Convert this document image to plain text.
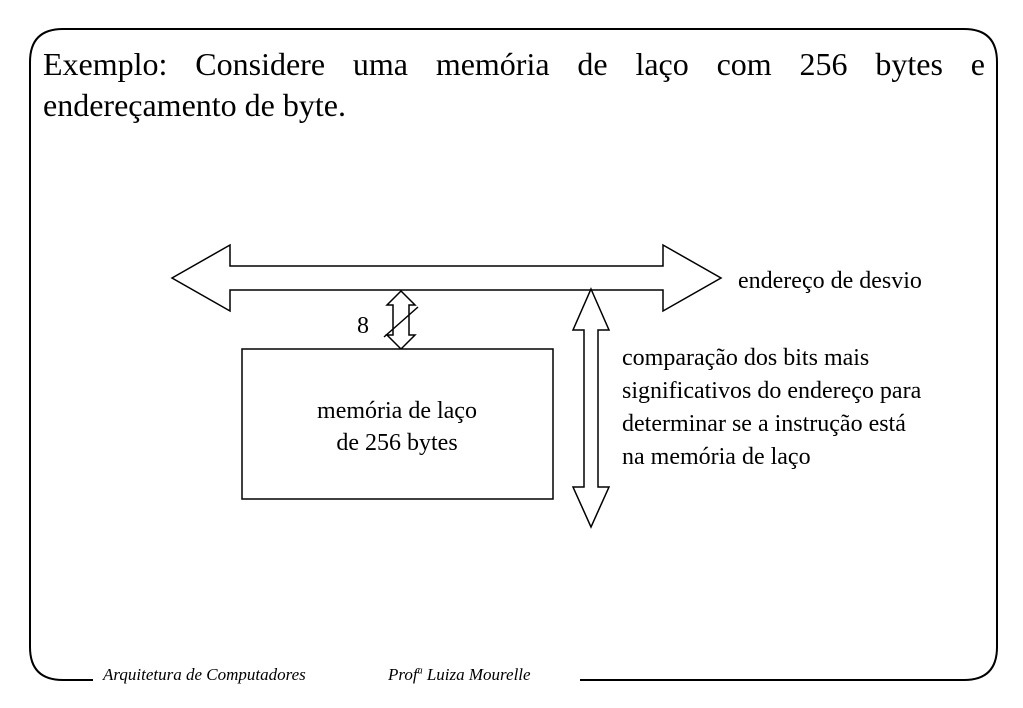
Exemplo: Considere uma memória de laço com 256 bytes e endereçamento de byte.

endereço de desvio
8
memória de laço
de 256 bytes
comparação dos bits mais
significativos do endereço para
determinar se a instrução está
na memória de laço
Arquitetura de Computadores	Prof$^a$ Luiza Mourelle
